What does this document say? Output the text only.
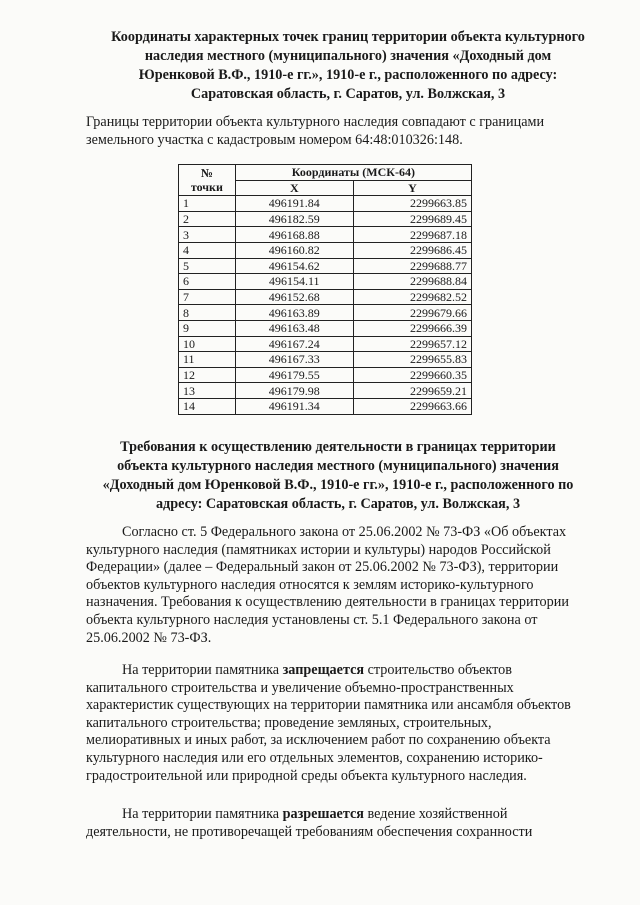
Координаты характерных точек границ территории объекта культурного
наследия местного (муниципального) значения «Доходный дом
Юренковой В.Ф., 1910-е гг.», 1910-е г., расположенного по адресу:
Саратовская область, г. Саратов, ул. Волжская, 3
Границы территории объекта культурного наследия совпадают с границами
земельного участка с кадастровым номером 64:48:010326:148.
№
точки	Координаты (МСК-64)	
	X	Y
1	496191.84	2299663.85
2	496182.59	2299689.45
3	496168.88	2299687.18
4	496160.82	2299686.45
5	496154.62	2299688.77
6	496154.11	2299688.84
7	496152.68	2299682.52
8	496163.89	2299679.66
9	496163.48	2299666.39
10	496167.24	2299657.12
11	496167.33	2299655.83
12	496179.55	2299660.35
13	496179.98	2299659.21
14	496191.34	2299663.66
Требования к осуществлению деятельности в границах территории
объекта культурного наследия местного (муниципального) значения
«Доходный дом Юренковой В.Ф., 1910-е гг.», 1910-е г., расположенного по
адресу: Саратовская область, г. Саратов, ул. Волжская, 3
Согласно ст. 5 Федерального закона от 25.06.2002 № 73-ФЗ «Об объектах
культурного наследия (памятниках истории и культуры) народов Российской
Федерации» (далее – Федеральный закон от 25.06.2002 № 73-ФЗ), территории
объектов культурного наследия относятся к землям историко-культурного
назначения. Требования к осуществлению деятельности в границах территории
объекта культурного наследия установлены ст. 5.1 Федерального закона от
25.06.2002 № 73-ФЗ.
На территории памятника запрещается строительство объектов
капитального строительства и увеличение объемно-пространственных
характеристик существующих на территории памятника или ансамбля объектов
капитального строительства; проведение земляных, строительных,
мелиоративных и иных работ, за исключением работ по сохранению объекта
культурного наследия или его отдельных элементов, сохранению историко-
градостроительной или природной среды объекта культурного наследия.
На территории памятника разрешается ведение хозяйственной
деятельности, не противоречащей требованиям обеспечения сохранности
